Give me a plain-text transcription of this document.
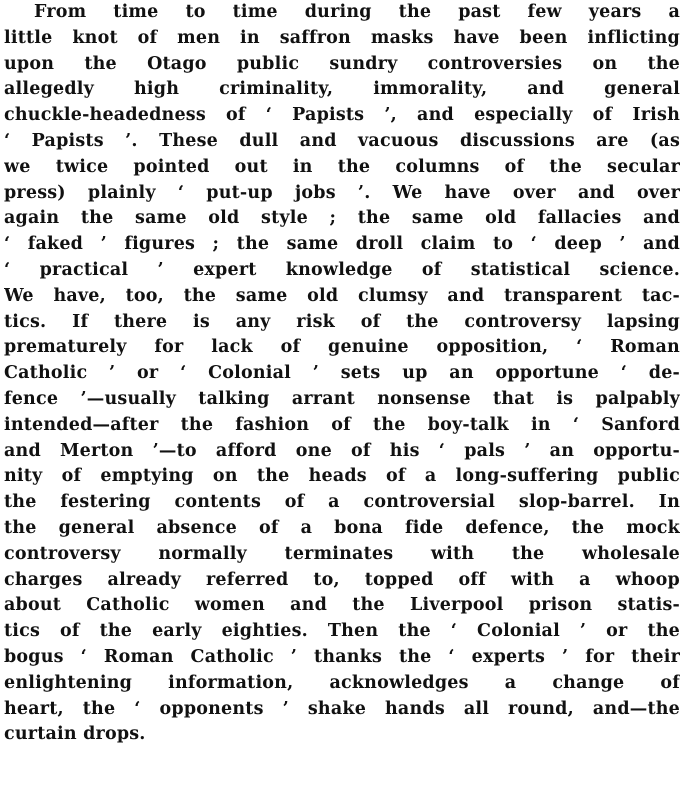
From time to time during the past few years a
little knot of men in saffron masks have been inflicting
upon the Otago public sundry controversies on the
allegedly high criminality, immorality, and general
chuckle-headedness of ‘ Papists ’, and especially of Irish
‘ Papists ’. These dull and vacuous discussions are (as
we twice pointed out in the columns of the secular
press) plainly ‘ put-up jobs ’. We have over and over
again the same old style ; the same old fallacies and
‘ faked ’ figures ; the same droll claim to ‘ deep ’ and
‘ practical ’ expert knowledge of statistical science.
We have, too, the same old clumsy and transparent tac-
tics. If there is any risk of the controversy lapsing
prematurely for lack of genuine opposition, ‘ Roman
Catholic ’ or ‘ Colonial ’ sets up an opportune ‘ de-
fence ’—usually talking arrant nonsense that is palpably
intended—after the fashion of the boy-talk in ‘ Sanford
and Merton ’—to afford one of his ‘ pals ’ an opportu-
nity of emptying on the heads of a long-suffering public
the festering contents of a controversial slop-barrel. In
the general absence of a bona fide defence, the mock
controversy normally terminates with the wholesale
charges already referred to, topped off with a whoop
about Catholic women and the Liverpool prison statis-
tics of the early eighties. Then the ‘ Colonial ’ or the
bogus ‘ Roman Catholic ’ thanks the ‘ experts ’ for their
enlightening information, acknowledges a change of
heart, the ‘ opponents ’ shake hands all round, and—the
curtain drops.
